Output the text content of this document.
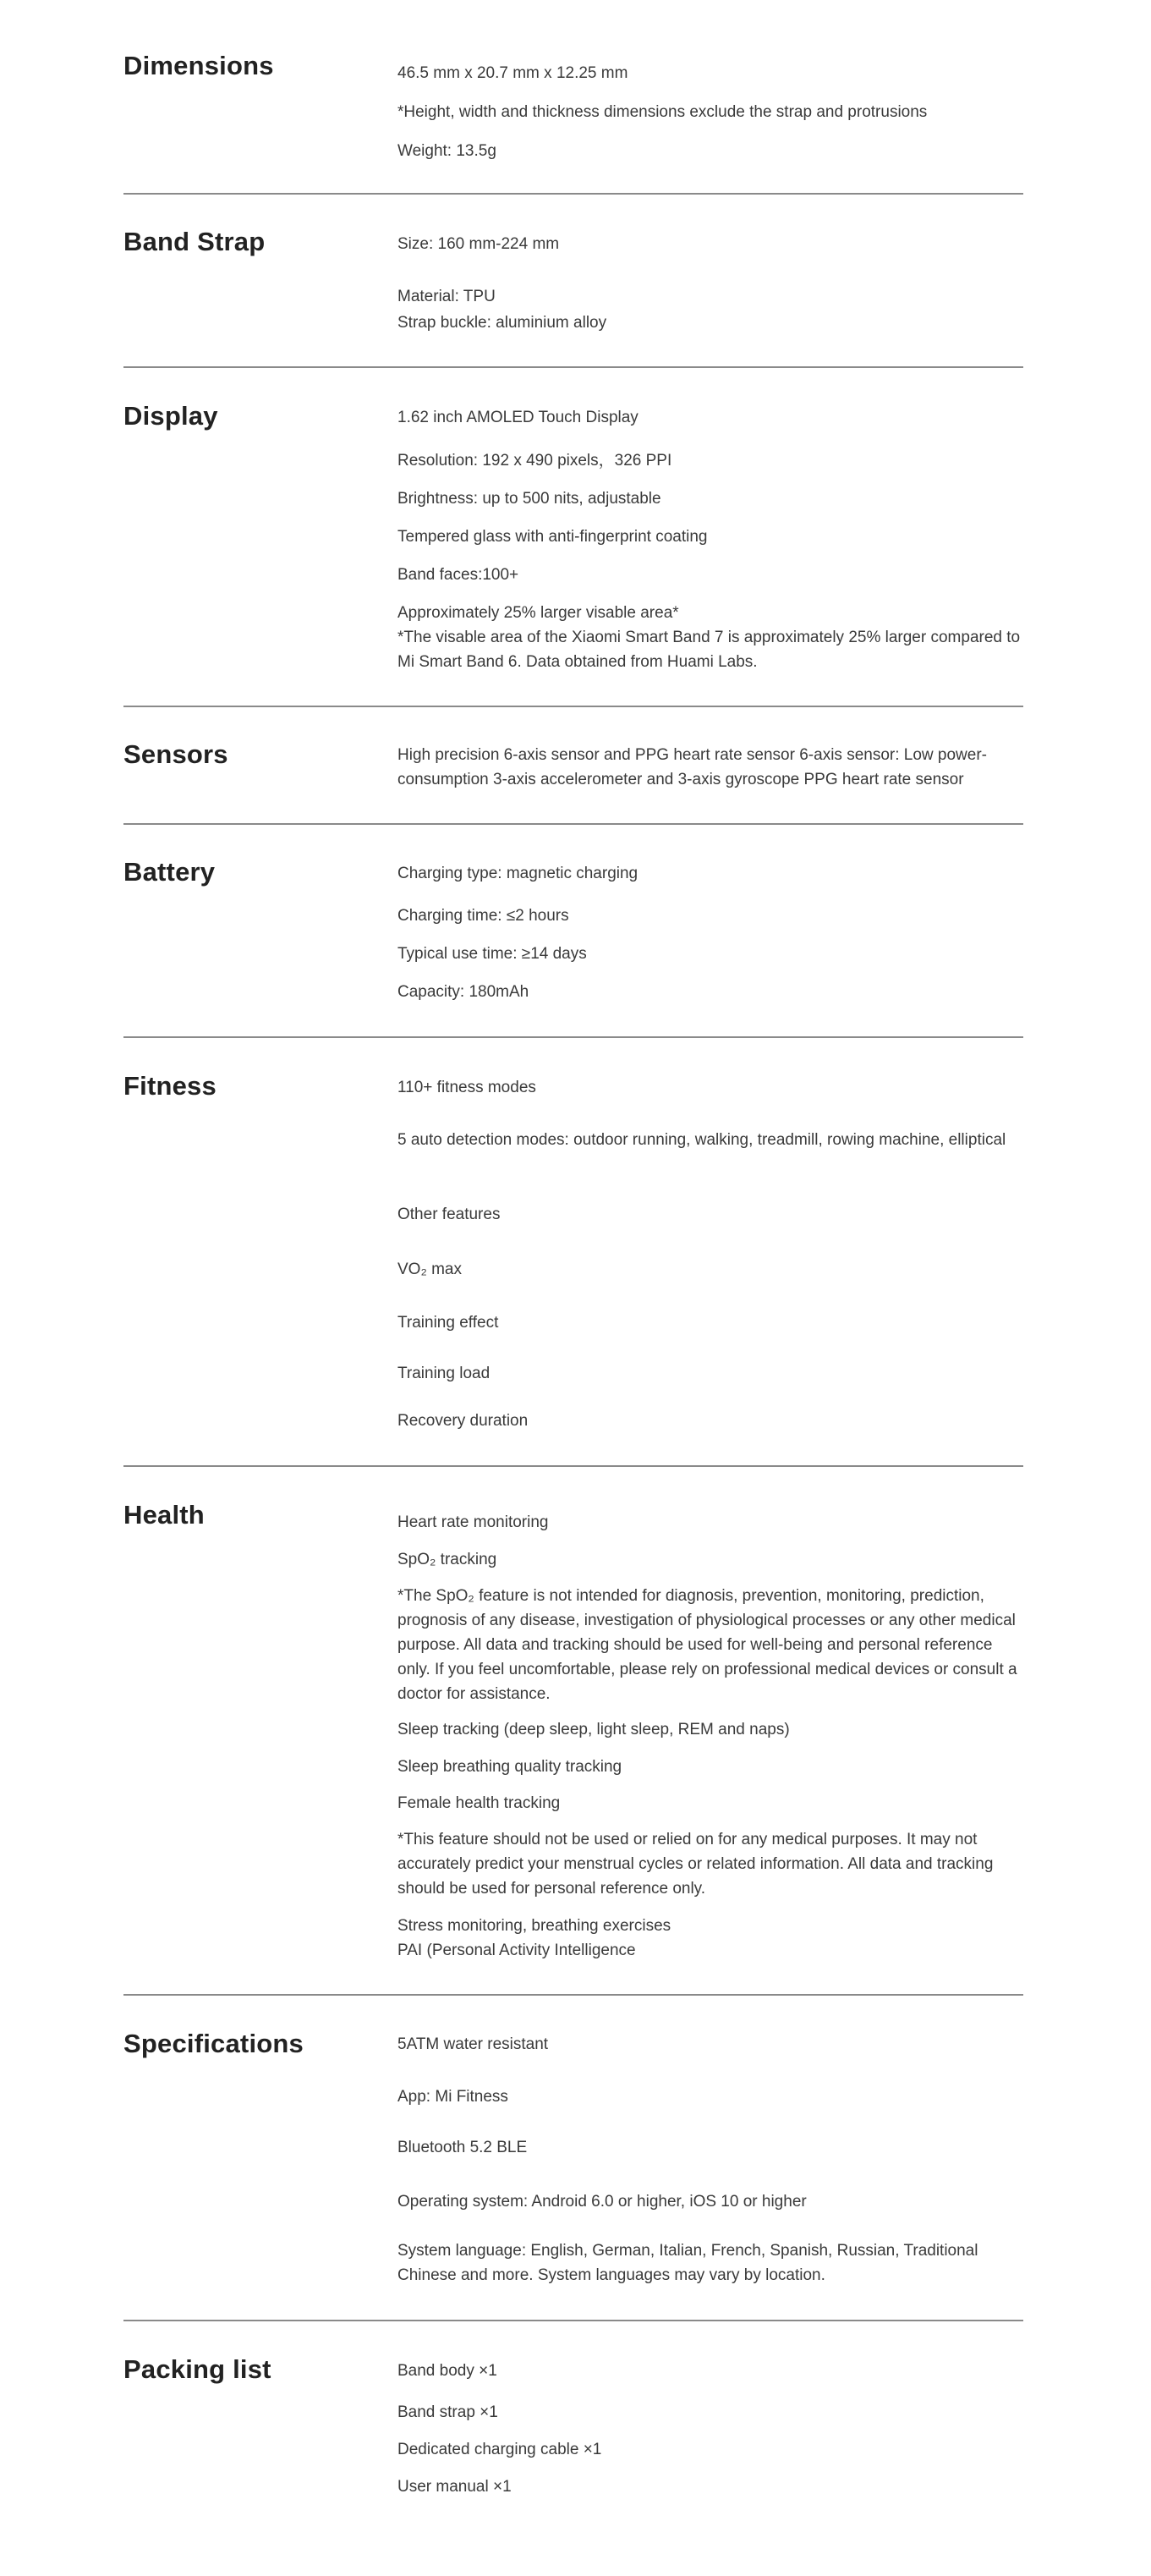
Dimensions	46.5 mm x 20.7 mm x 12.25 mm

*Height, width and thickness dimensions exclude the strap and protrusions

Weight: 13.5g

Band Strap	Size: 160 mm-224 mm

Material: TPU

Strap buckle: aluminium alloy

Display	1.62 inch AMOLED Touch Display

Resolution: 192 x 490 pixels，326 PPI

Brightness: up to 500 nits, adjustable

Tempered glass with anti-fingerprint coating

Band faces:100+

Approximately 25% larger visable area*

*The visable area of the Xiaomi Smart Band 7 is approximately 25% larger compared to Mi Smart Band 6. Data obtained from Huami Labs.

Sensors	High precision 6-axis sensor and PPG heart rate sensor 6-axis sensor: Low power-consumption 3-axis accelerometer and 3-axis gyroscope PPG heart rate sensor

Battery	Charging type: magnetic charging

Charging time: ≤2 hours

Typical use time: ≥14 days

Capacity: 180mAh

Fitness	110+ fitness modes

5 auto detection modes: outdoor running, walking, treadmill, rowing machine, elliptical

Other features

VO₂ max

Training effect

Training load

Recovery duration

Health	Heart rate monitoring

SpO₂ tracking

*The SpO₂ feature is not intended for diagnosis, prevention, monitoring, prediction, prognosis of any disease, investigation of physiological processes or any other medical purpose. All data and tracking should be used for well-being and personal reference only. If you feel uncomfortable, please rely on professional medical devices or consult a doctor for assistance.

Sleep tracking (deep sleep, light sleep, REM and naps)

Sleep breathing quality tracking

Female health tracking

*This feature should not be used or relied on for any medical purposes. It may not accurately predict your menstrual cycles or related information. All data and tracking should be used for personal reference only.

Stress monitoring, breathing exercises

PAI (Personal Activity Intelligence

Specifications	5ATM water resistant

App: Mi Fitness

Bluetooth 5.2 BLE

Operating system: Android 6.0 or higher, iOS 10 or higher

System language: English, German, Italian, French, Spanish, Russian, Traditional Chinese and more. System languages may vary by location.

Packing list	Band body ×1

Band strap ×1

Dedicated charging cable ×1

User manual ×1
